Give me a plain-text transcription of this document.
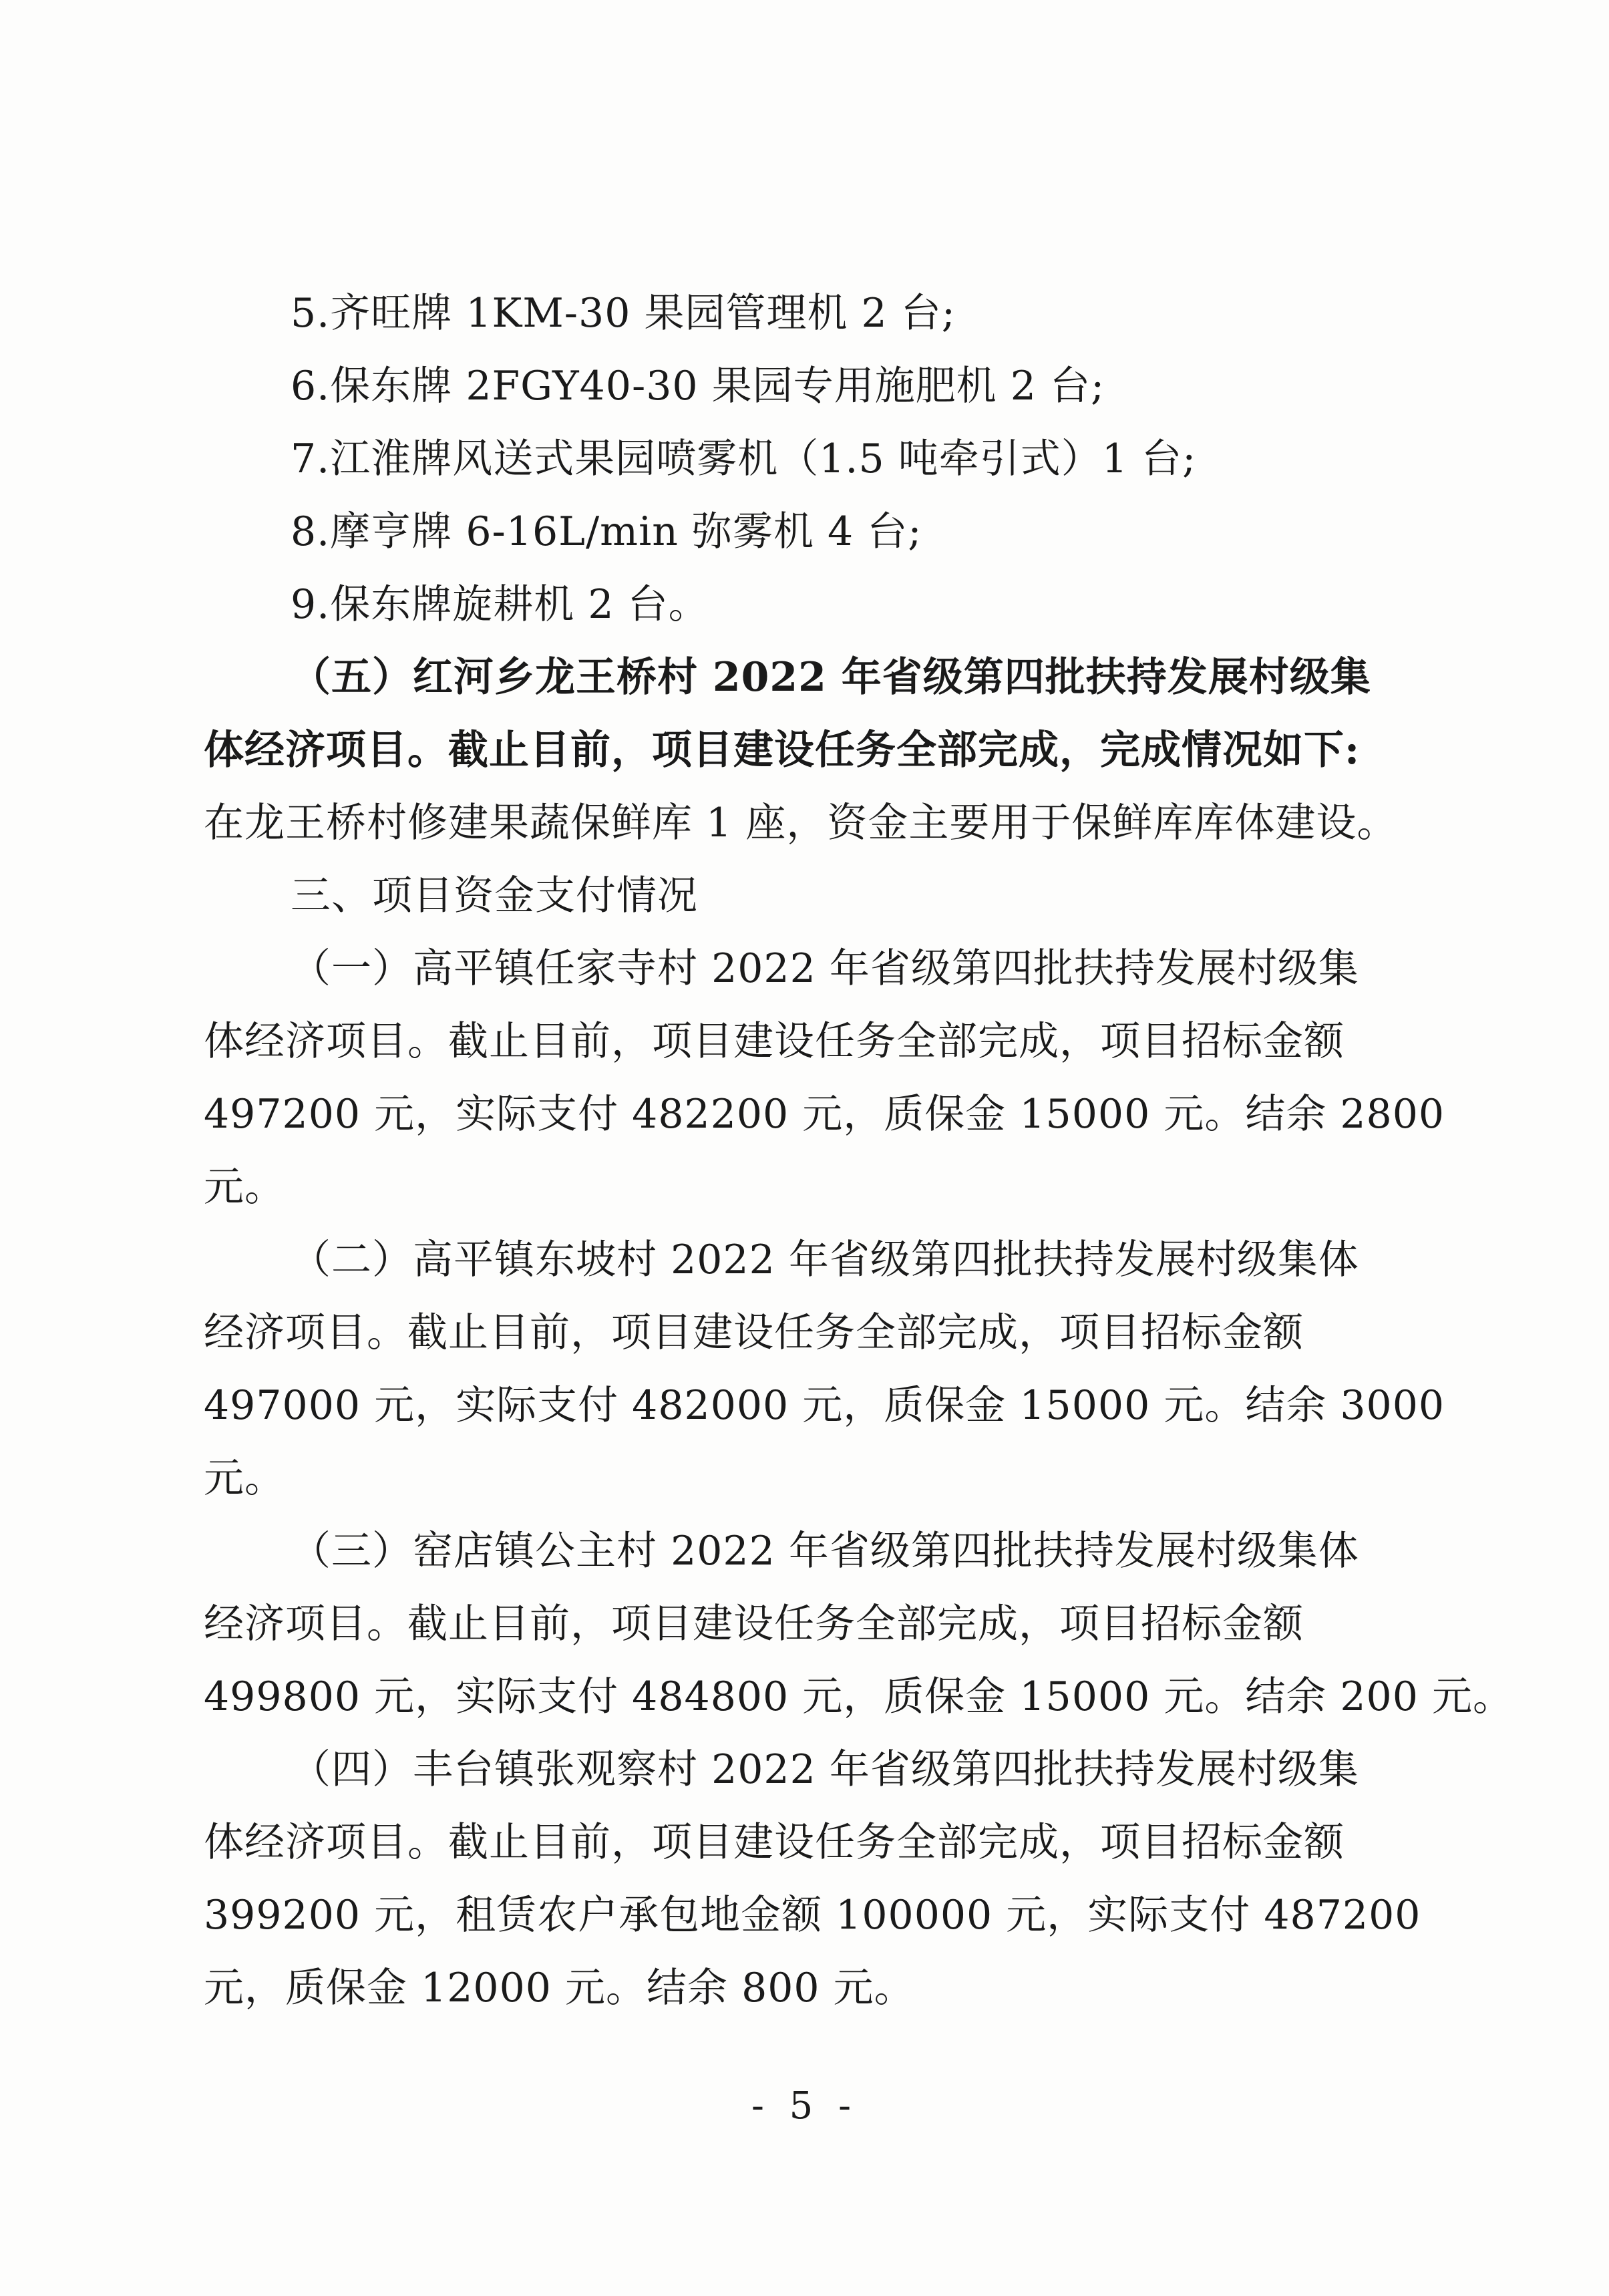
5.齐旺牌 1KM-30 果园管理机 2 台;
6.保东牌 2FGY40-30 果园专用施肥机 2 台;
7.江淮牌风送式果园喷雾机（1.5 吨牵引式）1 台;
8.摩亨牌 6-16L/min 弥雾机 4 台;
9.保东牌旋耕机 2 台。
（五）红河乡龙王桥村 2022 年省级第四批扶持发展村级集
体经济项目。截止目前，项目建设任务全部完成，完成情况如下:
在龙王桥村修建果蔬保鲜库 1 座，资金主要用于保鲜库库体建设。
三、项目资金支付情况
（一）高平镇任家寺村 2022 年省级第四批扶持发展村级集
体经济项目。截止目前，项目建设任务全部完成，项目招标金额
497200 元，实际支付 482200 元，质保金 15000 元。结余 2800
元。
（二）高平镇东坡村 2022 年省级第四批扶持发展村级集体
经济项目。截止目前，项目建设任务全部完成，项目招标金额
497000 元，实际支付 482000 元，质保金 15000 元。结余 3000
元。
（三）窑店镇公主村 2022 年省级第四批扶持发展村级集体
经济项目。截止目前，项目建设任务全部完成，项目招标金额
499800 元，实际支付 484800 元，质保金 15000 元。结余 200 元。
（四）丰台镇张观察村 2022 年省级第四批扶持发展村级集
体经济项目。截止目前，项目建设任务全部完成，项目招标金额
399200 元，租赁农户承包地金额 100000 元，实际支付 487200
元，质保金 12000 元。结余 800 元。
- 5 -
